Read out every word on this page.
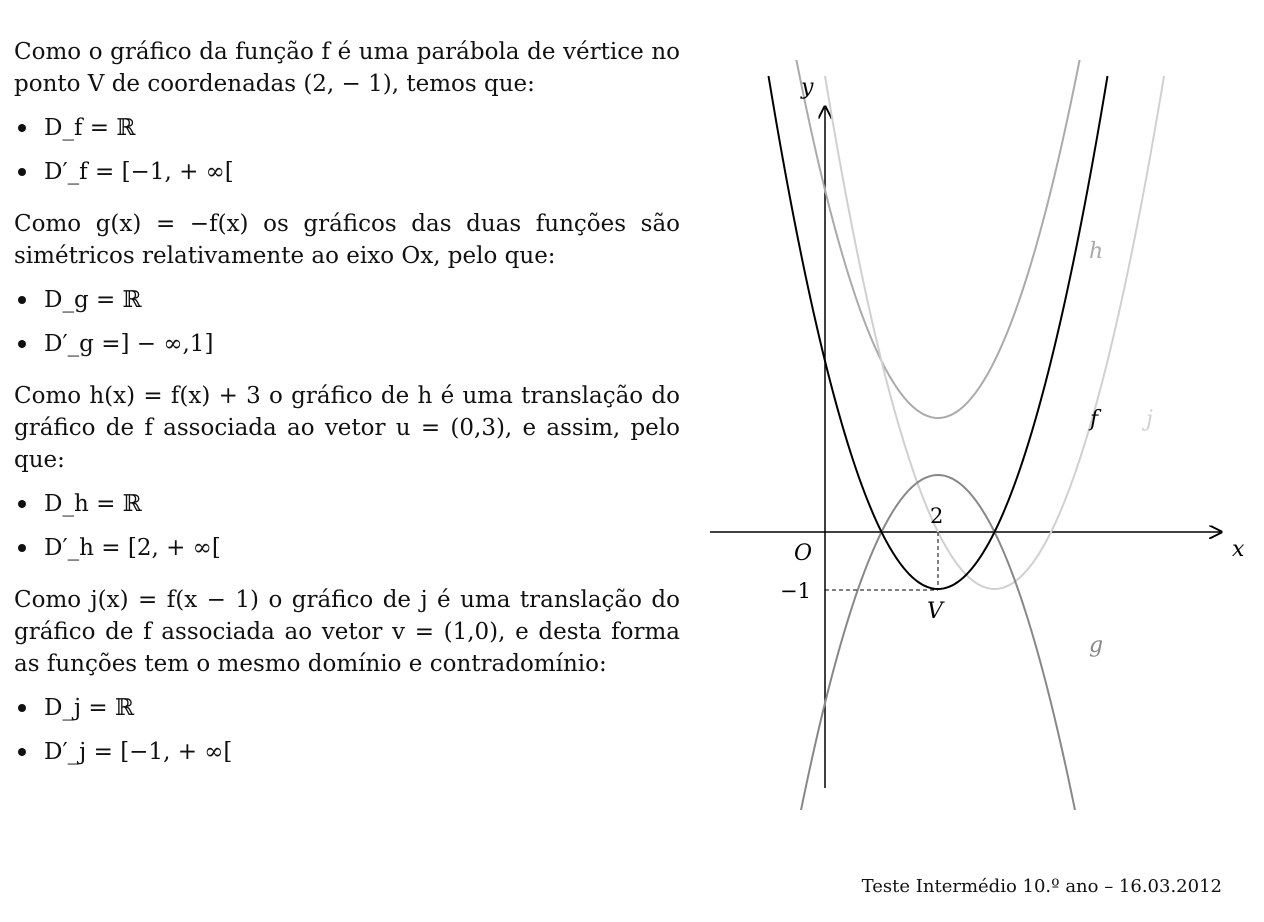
Como o gráfico da função f é uma parábola de vértice no ponto V de coordenadas (2, − 1), temos que:

D_f = ℝ
D′_f = [−1, + ∞[

Como g(x) = −f(x) os gráficos das duas funções são simétricos relativamente ao eixo Ox, pelo que:

D_g = ℝ
D′_g =] − ∞,1]

Como h(x) = f(x) + 3 o gráfico de h é uma translação do gráfico de f associada ao vetor u = (0,3), e assim, pelo que:

D_h = ℝ
D′_h = [2, + ∞[

Como j(x) = f(x − 1) o gráfico de j é uma translação do gráfico de f associada ao vetor v = (1,0), e desta forma as funções tem o mesmo domínio e contradomínio:

D_j = ℝ
D′_j = [−1, + ∞[
y
x
O
2
−1
V
h
f j
g
Teste Intermédio 10.º ano – 16.03.2012
